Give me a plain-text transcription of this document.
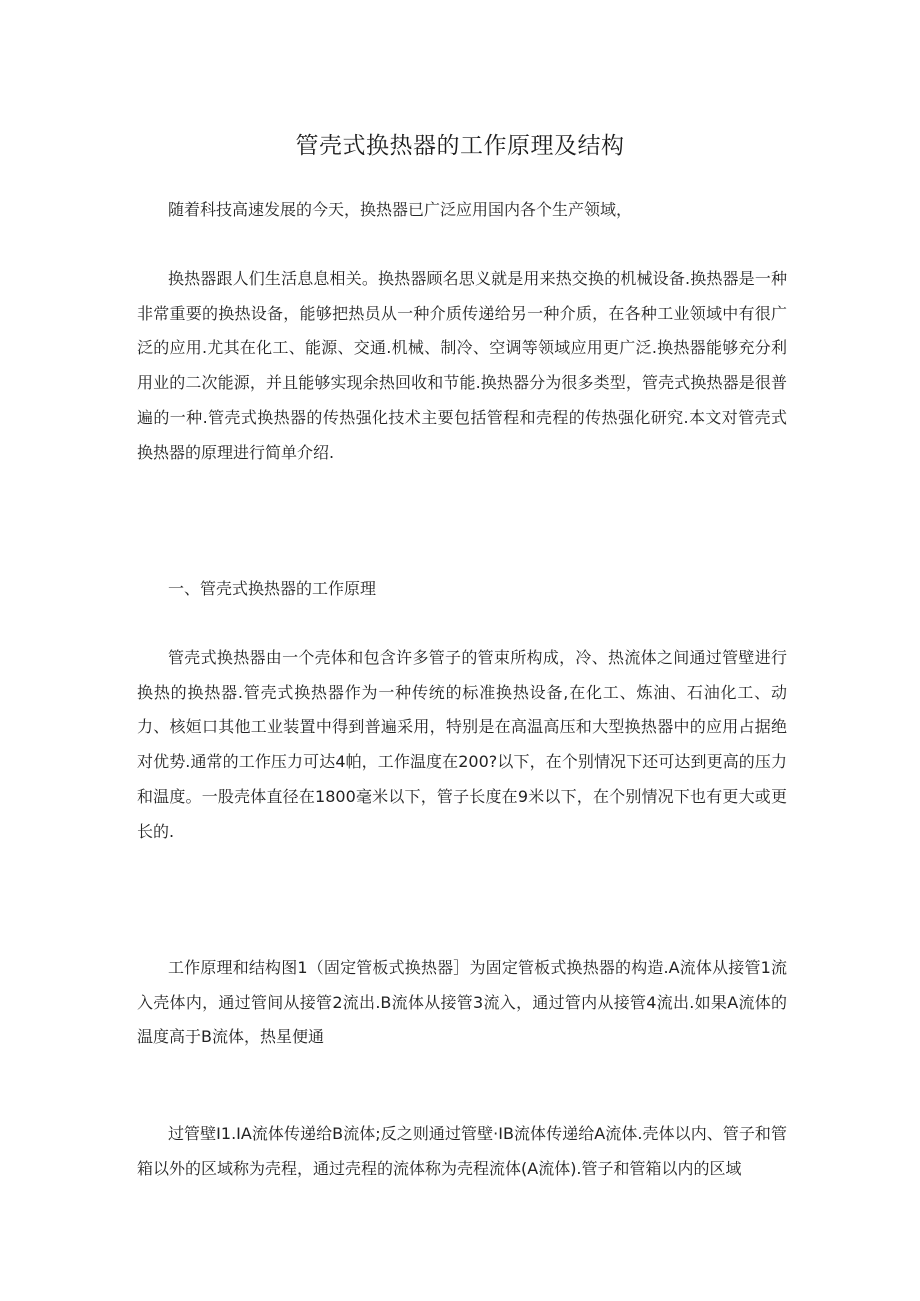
管壳式换热器的工作原理及结构

随着科技高速发展的今天，换热器已广泛应用国内各个生产领域，

换热器跟人们生活息息相关。换热器顾名思义就是用来热交换的机械设备.换热器是一种非常重要的换热设备，能够把热员从一种介质传递给另一种介质，在各种工业领域中有很广泛的应用.尤其在化工、能源、交通.机械、制冷、空调等领域应用更广泛.换热器能够充分利用业的二次能源，并且能够实现余热回收和节能.换热器分为很多类型，管壳式换热器是很普遍的一种.管壳式换热器的传热强化技术主要包括管程和壳程的传热强化研究.本文对管壳式换热器的原理进行简单介绍.

一、管壳式换热器的工作原理

管壳式换热器由一个壳体和包含许多管子的管束所构成，冷、热流体之间通过管壁进行换热的换热器.管壳式换热器作为一种传统的标准换热设备,在化工、炼油、石油化工、动力、核姮口其他工业装置中得到普遍采用，特别是在高温高压和大型换热器中的应用占据绝对优势.通常的工作压力可达4帕，工作温度在200?以下，在个别情况下还可达到更高的压力和温度。一股壳体直径在1800毫米以下，管子长度在9米以下，在个别情况下也有更大或更长的.

工作原理和结构图1（固定管板式换热器］为固定管板式换热器的构造.A流体从接管1流入壳体内，通过管间从接管2流出.B流体从接管3流入，通过管内从接管4流出.如果A流体的温度高于B流体，热星便通

过管壁I1.IA流体传递给B流体;反之则通过管壁·IB流体传递给A流体.壳体以内、管子和管箱以外的区域称为壳程，通过壳程的流体称为壳程流体(A流体).管子和管箱以内的区域
